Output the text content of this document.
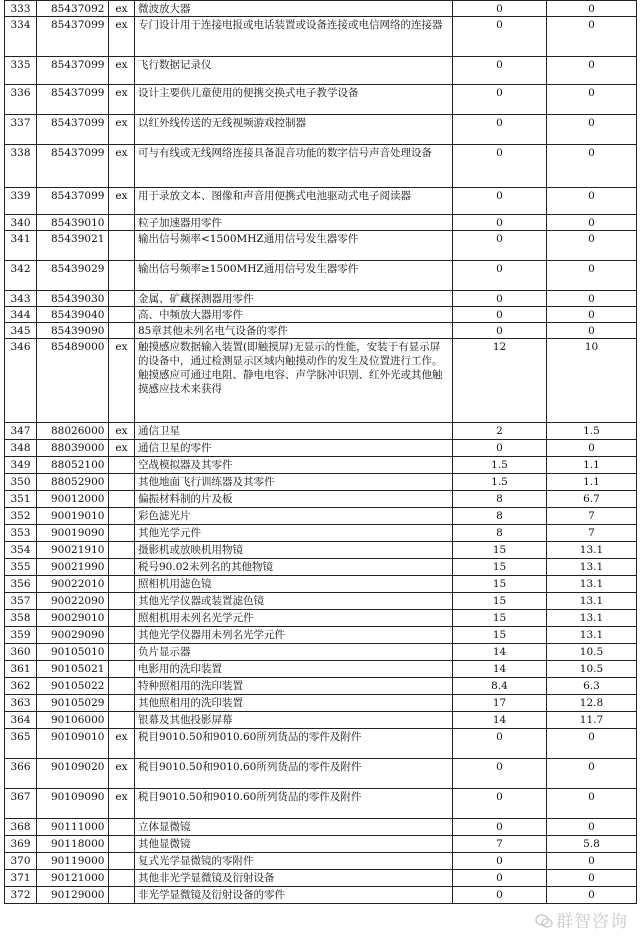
333	85437092	ex	微波放大器	0	0
334	85437099	ex	专门设计用于连接电报或电话装置或设备连接或电信网络的连接器	0	0
335	85437099	ex	飞行数据记录仪	0	0
336	85437099	ex	设计主要供儿童使用的便携交换式电子教学设备	0	0
337	85437099	ex	以红外线传送的无线视频游戏控制器	0	0
338	85437099	ex	可与有线或无线网络连接具备混音功能的数字信号声音处理设备	0	0
339	85437099	ex	用于录放文本、图像和声音用便携式电池驱动式电子阅读器	0	0
340	85439010		粒子加速器用零件	0	0
341	85439021		输出信号频率<1500MHZ通用信号发生器零件	0	0
342	85439029		输出信号频率≥1500MHZ通用信号发生器零件	0	0
343	85439030		金属、矿藏探测器用零件	0	0
344	85439040		高、中频放大器用零件	0	0
345	85439090		85章其他未列名电气设备的零件	0	0
346	85489000	ex	触摸感应数据输入装置(即触摸屏)无显示的性能，安装于有显示屏的设备中，通过检测显示区域内触摸动作的发生及位置进行工作。触摸感应可通过电阻、静电电容、声学脉冲识别、红外光或其他触摸感应技术来获得	12	10
347	88026000	ex	通信卫星	2	1.5
348	88039000	ex	通信卫星的零件	0	0
349	88052100		空战模拟器及其零件	1.5	1.1
350	88052900		其他地面飞行训练器及其零件	1.5	1.1
351	90012000		偏振材料制的片及板	8	6.7
352	90019010		彩色滤光片	8	7
353	90019090		其他光学元件	8	7
354	90021910		摄影机或放映机用物镜	15	13.1
355	90021990		税号90.02未列名的其他物镜	15	13.1
356	90022010		照相机用滤色镜	15	13.1
357	90022090		其他光学仪器或装置滤色镜	15	13.1
358	90029010		照相机用未列名光学元件	15	13.1
359	90029090		其他光学仪器用未列名光学元件	15	13.1
360	90105010		负片显示器	14	10.5
361	90105021		电影用的洗印装置	14	10.5
362	90105022		特种照相用的洗印装置	8.4	6.3
363	90105029		其他照相用的洗印装置	17	12.8
364	90106000		银幕及其他投影屏幕	14	11.7
365	90109010	ex	税目9010.50和9010.60所列货品的零件及附件	0	0
366	90109020	ex	税目9010.50和9010.60所列货品的零件及附件	0	0
367	90109090	ex	税目9010.50和9010.60所列货品的零件及附件	0	0
368	90111000		立体显微镜	0	0
369	90118000		其他显微镜	7	5.8
370	90119000		复式光学显微镜的零附件	0	0
371	90121000		其他非光学显微镜及衍射设备	0	0
372	90129000		非光学显微镜及衍射设备的零件	0	0
群智咨询
